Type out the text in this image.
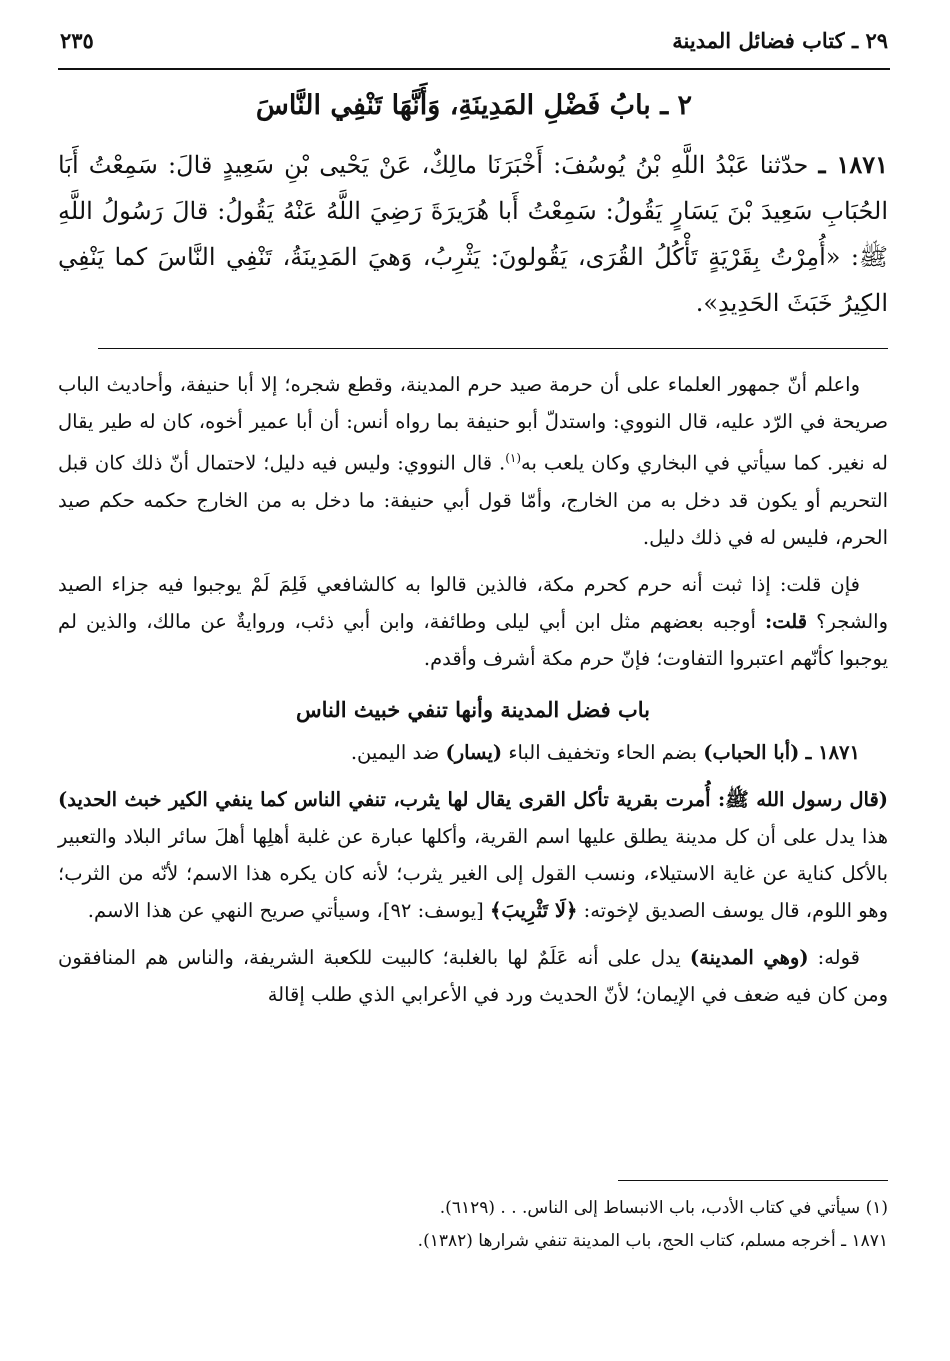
٢٩ ـ كتاب فضائل المدينة
٢٣٥
٢ ـ بابُ فَضْلِ المَدِينَةِ، وَأَنَّهَا تَنْفِي النَّاسَ
١٨٧١ ـ حدّثنا عَبْدُ اللَّهِ بْنُ يُوسُفَ: أَخْبَرَنَا مالِكٌ، عَنْ يَحْيى بْنِ سَعِيدٍ قالَ: سَمِعْتُ أَبَا الحُبَابِ سَعِيدَ بْنَ يَسَارٍ يَقُولُ: سَمِعْتُ أَبا هُرَيرَةَ رَضِيَ اللَّهُ عَنْهُ يَقُولُ: قالَ رَسُولُ اللَّهِ ﷺ: «أُمِرْتُ بِقَرْيَةٍ تَأْكُلُ القُرَى، يَقُولونَ: يَثْرِبُ، وَهيَ المَدِينَةُ، تَنْفِي النَّاسَ كما يَنْفِي الكِيرُ خَبَثَ الحَدِيدِ».

واعلم أنّ جمهور العلماء على أن حرمة صيد حرم المدينة، وقطع شجره؛ إلا أبا حنيفة، وأحاديث الباب صريحة في الرّد عليه، قال النووي: واستدلّ أبو حنيفة بما رواه أنس: أن أبا عمير أخوه، كان له طير يقال له نغير. كما سيأتي في البخاري وكان يلعب به$^{(١)}$. قال النووي: وليس فيه دليل؛ لاحتمال أنّ ذلك كان قبل التحريم أو يكون قد دخل به من الخارج، وأمّا قول أبي حنيفة: ما دخل به من الخارج حكمه حكم صيد الحرم، فليس له في ذلك دليل.

فإن قلت: إذا ثبت أنه حرم كحرم مكة، فالذين قالوا به كالشافعي فَلِمَ لَمْ يوجبوا فيه جزاء الصيد والشجر؟ قلت: أوجبه بعضهم مثل ابن أبي ليلى وطائفة، وابن أبي ذئب، وروايةٌ عن مالك، والذين لم يوجبوا كأنّهم اعتبروا التفاوت؛ فإنّ حرم مكة أشرف وأقدم.

باب فضل المدينة وأنها تنفي خبيث الناس

١٨٧١ ـ (أبا الحباب) بضم الحاء وتخفيف الباء (يسار) ضد اليمين.

(قال رسول الله ﷺ: أُمرت بقرية تأكل القرى يقال لها يثرب، تنفي الناس كما ينفي الكير خبث الحديد) هذا يدل على أن كل مدينة يطلق عليها اسم القرية، وأكلها عبارة عن غلبة أهلِها أهلَ سائر البلاد والتعبير بالأكل كناية عن غاية الاستيلاء، ونسب القول إلى الغير يثرب؛ لأنه كان يكره هذا الاسم؛ لأنّه من الثرب؛ وهو اللوم، قال يوسف الصديق لإخوته: ﴿لَا تَثْرِيبَ﴾ [يوسف: ٩٢]، وسيأتي صريح النهي عن هذا الاسم.

قوله: (وهي المدينة) يدل على أنه عَلَمٌ لها بالغلبة؛ كالبيت للكعبة الشريفة، والناس هم المنافقون ومن كان فيه ضعف في الإيمان؛ لأنّ الحديث ورد في الأعرابي الذي طلب إقالة

(١) سيأتي في كتاب الأدب، باب الانبساط إلى الناس. . . (٦١٢٩).
١٨٧١ ـ أخرجه مسلم، كتاب الحج، باب المدينة تنفي شرارها (١٣٨٢).
